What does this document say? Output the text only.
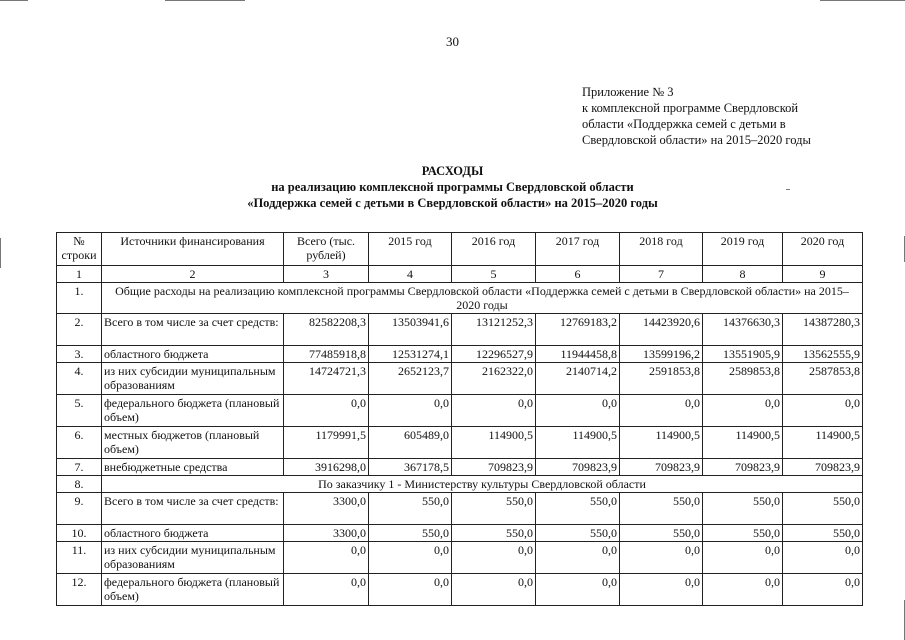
30
Приложение № 3
к комплексной программе Свердловской
области «Поддержка семей с детьми в
Свердловской области» на 2015–2020 годы
РАСХОДЫ
на реализацию комплексной программы Свердловской области
«Поддержка семей с детьми в Свердловской области» на 2015–2020 годы
№ строки	Источники финансирования	Всего (тыс. рублей)	2015 год	2016 год	2017 год	2018 год	2019 год	2020 год
1	2	3	4	5	6	7	8	9
1.	Общие расходы на реализацию комплексной программы Свердловской области «Поддержка семей с детьми в Свердловской области» на 2015–2020 годы							
2.	Всего в том числе за счет средств:	82582208,3	13503941,6	13121252,3	12769183,2	14423920,6	14376630,3	14387280,3
3.	областного бюджета	77485918,8	12531274,1	12296527,9	11944458,8	13599196,2	13551905,9	13562555,9
4.	из них субсидии муниципальным образованиям	14724721,3	2652123,7	2162322,0	2140714,2	2591853,8	2589853,8	2587853,8
5.	федерального бюджета (плановый объем)	0,0	0,0	0,0	0,0	0,0	0,0	0,0
6.	местных бюджетов (плановый объем)	1179991,5	605489,0	114900,5	114900,5	114900,5	114900,5	114900,5
7.	внебюджетные средства	3916298,0	367178,5	709823,9	709823,9	709823,9	709823,9	709823,9
8.	По заказчику 1 - Министерству культуры Свердловской области							
9.	Всего в том числе за счет средств:	3300,0	550,0	550,0	550,0	550,0	550,0	550,0
10.	областного бюджета	3300,0	550,0	550,0	550,0	550,0	550,0	550,0
11.	из них субсидии муниципальным образованиям	0,0	0,0	0,0	0,0	0,0	0,0	0,0
12.	федерального бюджета (плановый объем)	0,0	0,0	0,0	0,0	0,0	0,0	0,0
